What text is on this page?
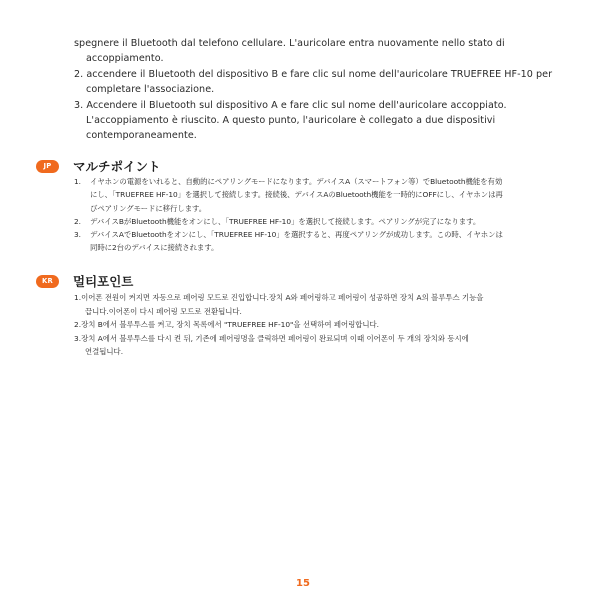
spegnere il Bluetooth dal telefono cellulare. L'auricolare entra nuovamente nello stato di
accoppiamento.
2. accendere il Bluetooth del dispositivo B e fare clic sul nome dell'auricolare TRUEFREE HF-10 per
completare l'associazione.
3. Accendere il Bluetooth sul dispositivo A e fare clic sul nome dell'auricolare accoppiato.
L'accoppiamento è riuscito. A questo punto, l'auricolare è collegato a due dispositivi
contemporaneamente.
JP	マルチポイント
1. イヤホンの電源をいれると、自動的にペアリングモードになります。デバイスA（スマートフォン等）でBluetooth機能を有効
にし、「TRUEFREE HF-10」を選択して接続します。接続後、デバイスAのBluetooth機能を一時的にOFFにし、イヤホンは再
びペアリングモードに移行します。
2. デバイスBがBluetooth機能をオンにし、「TRUEFREE HF-10」を選択して接続します。ペアリングが完了になります。
3. デバイスAでBluetoothをオンにし、「TRUEFREE HF-10」を選択すると、再度ペアリングが成功します。この時、イヤホンは
同時に2台のデバイスに接続されます。
KR	멀티포인트
1.이어폰 전원이 켜지면 자동으로 페어링 모드로 진입합니다.장치 A와 페어링하고 페어링이 성공하면 장치 A의 블루투스 기능을
끕니다.이어폰이 다시 페어링 모드로 전환됩니다.
2.장치 B에서 블루투스를 켜고, 장치 목록에서 "TRUEFREE HF-10"을 선택하여 페어링합니다.
3.장치 A에서 블루투스를 다시 켠 뒤, 기존에 페어링명을 클릭하면 페어링이 완료되며 이때 이어폰이 두 개의 장치와 동시에
연결됩니다.
15
